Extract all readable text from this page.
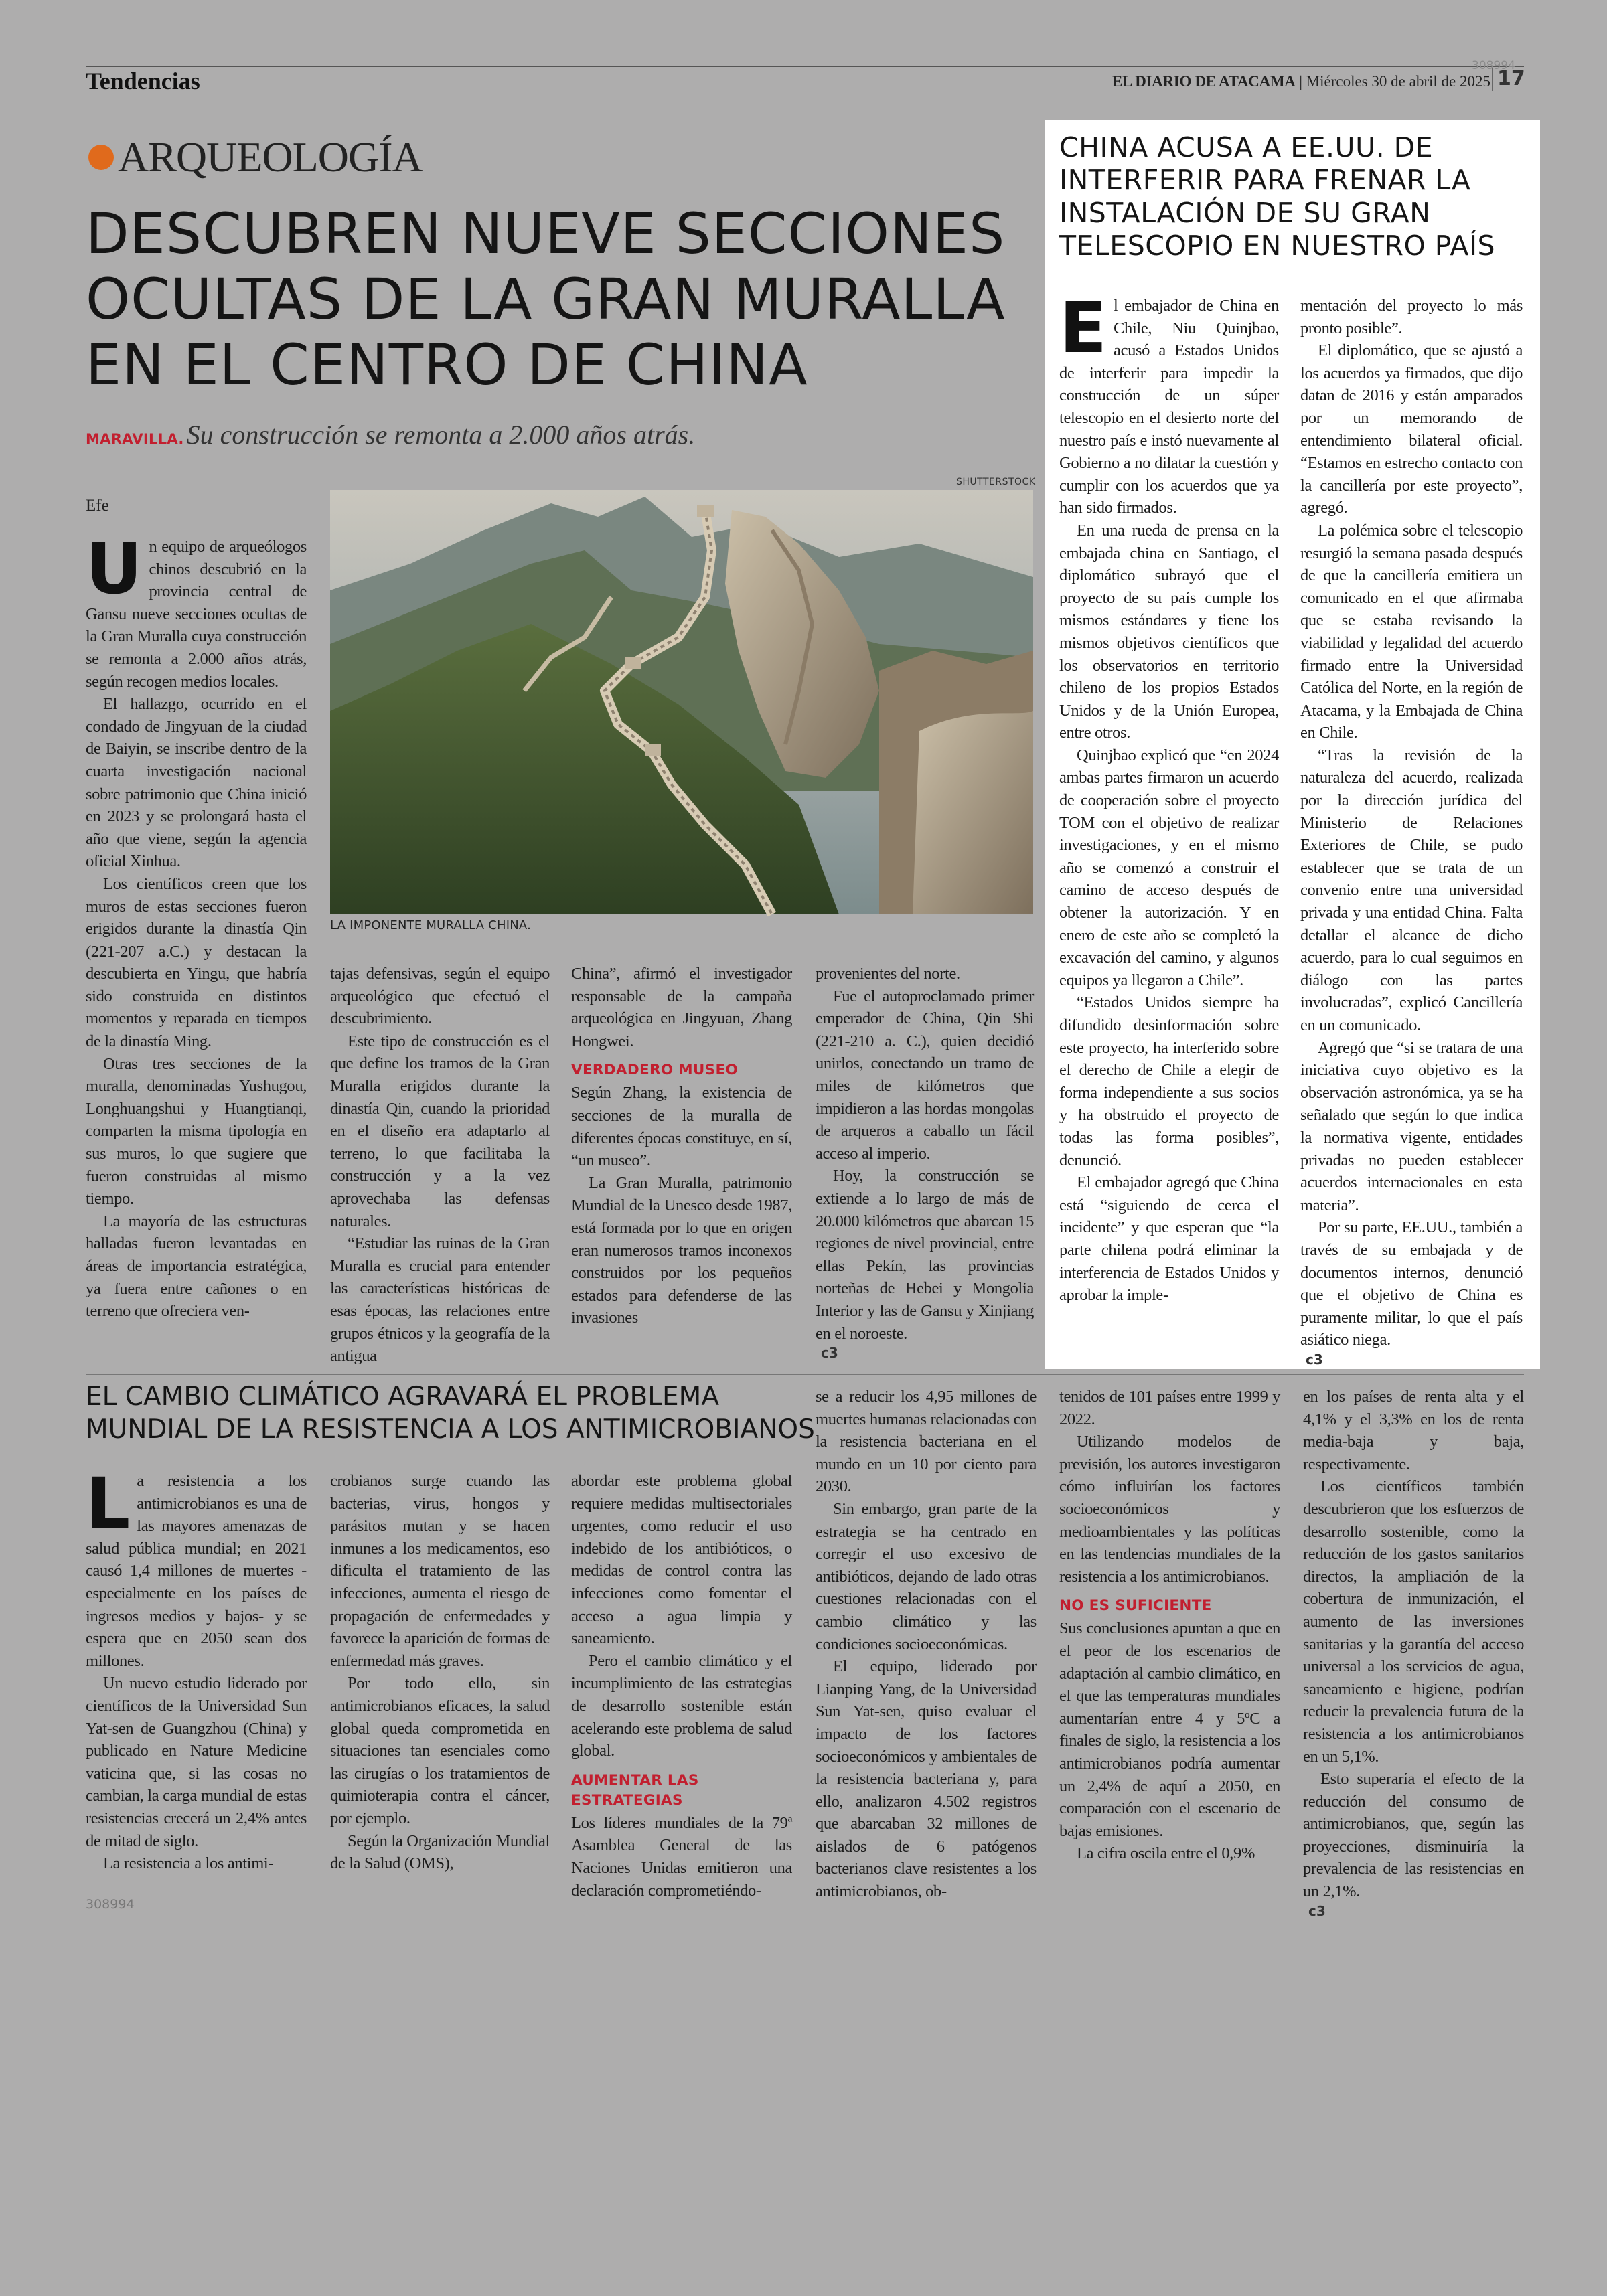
Tendencias	EL DIARIO DE ATACAMA | Miércoles 30 de abril de 2025 17
308994
ARQUEOLOGÍA
DESCUBREN NUEVE SECCIONES
OCULTAS DE LA GRAN MURALLA
EN EL CENTRO DE CHINA
MARAVILLA. Su construcción se remonta a 2.000 años atrás.
Efe
SHUTTERSTOCK
LA IMPONENTE MURALLA CHINA.
U n equipo de arqueólogos chinos descubrió en la provincia central de Gansu nueve secciones ocultas de la Gran Muralla cuya construcción se remonta a 2.000 años atrás, según recogen medios locales.

El hallazgo, ocurrido en el condado de Jingyuan de la ciudad de Baiyin, se inscribe dentro de la cuarta investigación nacional sobre patrimonio que China inició en 2023 y se prolongará hasta el año que viene, según la agencia oficial Xinhua.

Los científicos creen que los muros de estas secciones fueron erigidos durante la dinastía Qin (221-207 a.C.) y destacan la descubierta en Yingu, que habría sido construida en distintos momentos y reparada en tiempos de la dinastía Ming.

Otras tres secciones de la muralla, denominadas Yushugou, Longhuangshui y Huangtianqi, comparten la misma tipología en sus muros, lo que sugiere que fueron construidas al mismo tiempo.

La mayoría de las estructuras halladas fueron levantadas en áreas de importancia estratégica, ya fuera entre cañones o en terreno que ofreciera ven-

tajas defensivas, según el equipo arqueológico que efectuó el descubrimiento.

Este tipo de construcción es el que define los tramos de la Gran Muralla erigidos durante la dinastía Qin, cuando la prioridad en el diseño era adaptarlo al terreno, lo que facilitaba la construcción y a la vez aprovechaba las defensas naturales.

“Estudiar las ruinas de la Gran Muralla es crucial para entender las características históricas de esas épocas, las relaciones entre grupos étnicos y la geografía de la antigua

China”, afirmó el investigador responsable de la campaña arqueológica en Jingyuan, Zhang Hongwei.

VERDADERO MUSEO

Según Zhang, la existencia de secciones de la muralla de diferentes épocas constituye, en sí, “un museo”.

La Gran Muralla, patrimonio Mundial de la Unesco desde 1987, está formada por lo que en origen eran numerosos tramos inconexos construidos por los pequeños estados para defenderse de las invasiones

provenientes del norte.

Fue el autoproclamado primer emperador de China, Qin Shi (221-210 a. C.), quien decidió unirlos, conectando un tramo de miles de kilómetros que impidieron a las hordas mongolas de arqueros a caballo un fácil acceso al imperio.

Hoy, la construcción se extiende a lo largo de más de 20.000 kilómetros que abarcan 15 regiones de nivel provincial, entre ellas Pekín, las provincias norteñas de Hebei y Mongolia Interior y las de Gansu y Xinjiang en el noroeste.

c3
CHINA ACUSA A EE.UU. DE
INTERFERIR PARA FRENAR LA
INSTALACIÓN DE SU GRAN
TELESCOPIO EN NUESTRO PAÍS
E l embajador de China en Chile, Niu Quinjbao, acusó a Estados Unidos de interferir para impedir la construcción de un súper telescopio en el desierto norte del nuestro país e instó nuevamente al Gobierno a no dilatar la cuestión y cumplir con los acuerdos que ya han sido firmados.

En una rueda de prensa en la embajada china en Santiago, el diplomático subrayó que el proyecto de su país cumple los mismos estándares y tiene los mismos objetivos científicos que los observatorios en territorio chileno de los propios Estados Unidos y de la Unión Europea, entre otros.

Quinjbao explicó que “en 2024 ambas partes firmaron un acuerdo de cooperación sobre el proyecto TOM con el objetivo de realizar investigaciones, y en el mismo año se comenzó a construir el camino de acceso después de obtener la autorización. Y en enero de este año se completó la excavación del camino, y algunos equipos ya llegaron a Chile”.

“Estados Unidos siempre ha difundido desinformación sobre este proyecto, ha interferido sobre el derecho de Chile a elegir de forma independiente a sus socios y ha obstruido el proyecto de todas las forma posibles”, denunció.

El embajador agregó que China está “siguiendo de cerca el incidente” y que esperan que “la parte chilena podrá eliminar la interferencia de Estados Unidos y aprobar la imple-

mentación del proyecto lo más pronto posible”.

El diplomático, que se ajustó a los acuerdos ya firmados, que dijo datan de 2016 y están amparados por un memorando de entendimiento bilateral oficial. “Estamos en estrecho contacto con la cancillería por este proyecto”, agregó.

La polémica sobre el telescopio resurgió la semana pasada después de que la cancillería emitiera un comunicado en el que afirmaba que se estaba revisando la viabilidad y legalidad del acuerdo firmado entre la Universidad Católica del Norte, en la región de Atacama, y la Embajada de China en Chile.

“Tras la revisión de la naturaleza del acuerdo, realizada por la dirección jurídica del Ministerio de Relaciones Exteriores de Chile, se pudo establecer que se trata de un convenio entre una universidad privada y una entidad China. Falta detallar el alcance de dicho acuerdo, para lo cual seguimos en diálogo con las partes involucradas”, explicó Cancillería en un comunicado.

Agregó que “si se tratara de una iniciativa cuyo objetivo es la observación astronómica, ya se ha señalado que según lo que indica la normativa vigente, entidades privadas no pueden establecer acuerdos internacionales en esta materia”.

Por su parte, EE.UU., también a través de su embajada y de documentos internos, denunció que el objetivo de China es puramente militar, lo que el país asiático niega.

c3
EL CAMBIO CLIMÁTICO AGRAVARÁ EL PROBLEMA
MUNDIAL DE LA RESISTENCIA A LOS ANTIMICROBIANOS
L a resistencia a los antimicrobianos es una de las mayores amenazas de salud pública mundial; en 2021 causó 1,4 millones de muertes -especialmente en los países de ingresos medios y bajos- y se espera que en 2050 sean dos millones.

Un nuevo estudio liderado por científicos de la Universidad Sun Yat-sen de Guangzhou (China) y publicado en Nature Medicine vaticina que, si las cosas no cambian, la carga mundial de estas resistencias crecerá un 2,4% antes de mitad de siglo.

La resistencia a los antimi-

308994

crobianos surge cuando las bacterias, virus, hongos y parásitos mutan y se hacen inmunes a los medicamentos, eso dificulta el tratamiento de las infecciones, aumenta el riesgo de propagación de enfermedades y favorece la aparición de formas de enfermedad más graves.

Por todo ello, sin antimicrobianos eficaces, la salud global queda comprometida en situaciones tan esenciales como las cirugías o los tratamientos de quimioterapia contra el cáncer, por ejemplo.

Según la Organización Mundial de la Salud (OMS),

abordar este problema global requiere medidas multisectoriales urgentes, como reducir el uso indebido de los antibióticos, o medidas de control contra las infecciones como fomentar el acceso a agua limpia y saneamiento.

Pero el cambio climático y el incumplimiento de las estrategias de desarrollo sostenible están acelerando este problema de salud global.

AUMENTAR LAS ESTRATEGIAS

Los líderes mundiales de la 79ª Asamblea General de las Naciones Unidas emitieron una declaración comprometiéndo-

se a reducir los 4,95 millones de muertes humanas relacionadas con la resistencia bacteriana en el mundo en un 10 por ciento para 2030.

Sin embargo, gran parte de la estrategia se ha centrado en corregir el uso excesivo de antibióticos, dejando de lado otras cuestiones relacionadas con el cambio climático y las condiciones socioeconómicas.

El equipo, liderado por Lianping Yang, de la Universidad Sun Yat-sen, quiso evaluar el impacto de los factores socioeconómicos y ambientales de la resistencia bacteriana y, para ello, analizaron 4.502 registros que abarcaban 32 millones de aislados de 6 patógenos bacterianos clave resistentes a los antimicrobianos, ob-

tenidos de 101 países entre 1999 y 2022.

Utilizando modelos de previsión, los autores investigaron cómo influirían los factores socioeconómicos y medioambientales y las políticas en las tendencias mundiales de la resistencia a los antimicrobianos.

NO ES SUFICIENTE

Sus conclusiones apuntan a que en el peor de los escenarios de adaptación al cambio climático, en el que las temperaturas mundiales aumentarían entre 4 y 5ºC a finales de siglo, la resistencia a los antimicrobianos podría aumentar un 2,4% de aquí a 2050, en comparación con el escenario de bajas emisiones.

La cifra oscila entre el 0,9%

en los países de renta alta y el 4,1% y el 3,3% en los de renta media-baja y baja, respectivamente.

Los científicos también descubrieron que los esfuerzos de desarrollo sostenible, como la reducción de los gastos sanitarios directos, la ampliación de la cobertura de inmunización, el aumento de las inversiones sanitarias y la garantía del acceso universal a los servicios de agua, saneamiento e higiene, podrían reducir la prevalencia futura de la resistencia a los antimicrobianos en un 5,1%.

Esto superaría el efecto de la reducción del consumo de antimicrobianos, que, según las proyecciones, disminuiría la prevalencia de las resistencias en un 2,1%.

c3
